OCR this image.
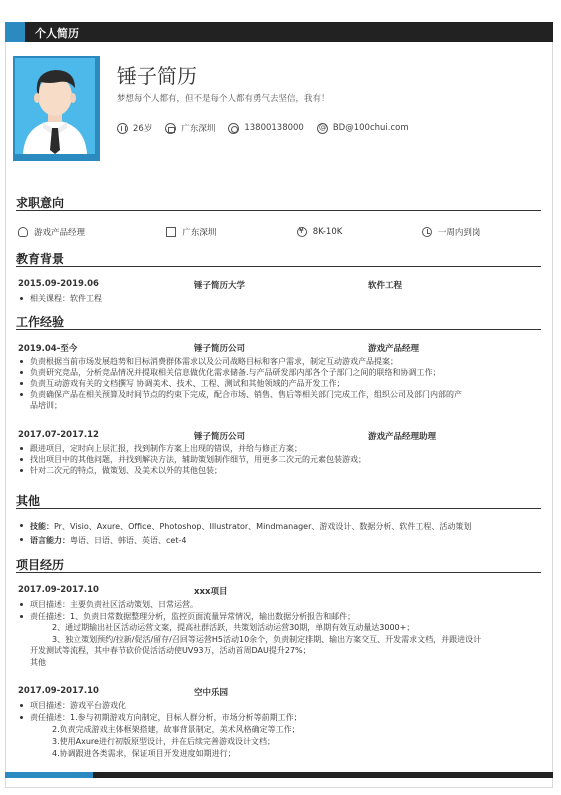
个人简历
锤子简历
梦想每个人都有，但不是每个人都有勇气去坚信，我有！
26岁	广东深圳	13800138000 @	BD@100chui.com
求职意向
游戏产品经理	广东深圳 ¥	8K-10K	一周内到岗
教育背景
2015.09-2019.06	锤子简历大学	软件工程
相关课程：软件工程
工作经验
2019.04-至今	锤子简历公司	游戏产品经理
负责根据当前市场发展趋势和目标消费群体需求以及公司战略目标和客户需求，制定互动游戏产品提案；
负责研究竞品，分析竞品情况并提取相关信息做优化需求储备.与产品研发部内部各个子部门之间的联络和协调工作；
负责互动游戏有关的文档撰写 协调美术、技术、工程、测试和其他领域的产品开发工作；
负责确保产品在相关预算及时间节点的约束下完成，配合市场、销售、售后等相关部门完成工作，组织公司及部门内部的产
品培训；
2017.07-2017.12	锤子简历公司	游戏产品经理助理
跟进项目，定时向上层汇报，找到制作方案上出现的错误，并给与修正方案；
找出项目中的其他问题，并找到解决方法，辅助策划制作细节，用更多二次元的元素包装游戏；
针对二次元的特点，做策划、及美术以外的其他包装；
其他
技能：Pr、Visio、Axure、Office、Photoshop、Illustrator、Mindmanager、游戏设计、数据分析、软件工程、活动策划
语言能力：粤语、日语、韩语、英语、cet-4
项目经历
2017.09-2017.10	xxx项目
项目描述：主要负责社区活动策划、日常运营。
责任描述：1、负责日常数据整理分析，监控页面流量异常情况，输出数据分析报告和邮件；
2、通过期输出社区活动运营文案，提高社群活跃，共策划活动运营30期，单期有效互动量达3000+；
3、独立策划预约/拉新/促活/留存/召回等运营H5活动10余个，负责制定排期、输出方案交互、开发需求文档，并跟进设计
开发测试等流程，其中春节砍价促活活动使UV93万，活动首周DAU提升27%；
其他
2017.09-2017.10	空中乐园
项目描述：游戏平台游戏化
责任描述：1.参与初期游戏方向制定，目标人群分析，市场分析等前期工作；
2.负责完成游戏主体框架搭建，故事背景制定，美术风格确定等工作；
3.使用Axure进行初版原型设计，并在后续完善游戏设计文档；
4.协调跟进各类需求，保证项目开发进度如期进行；
